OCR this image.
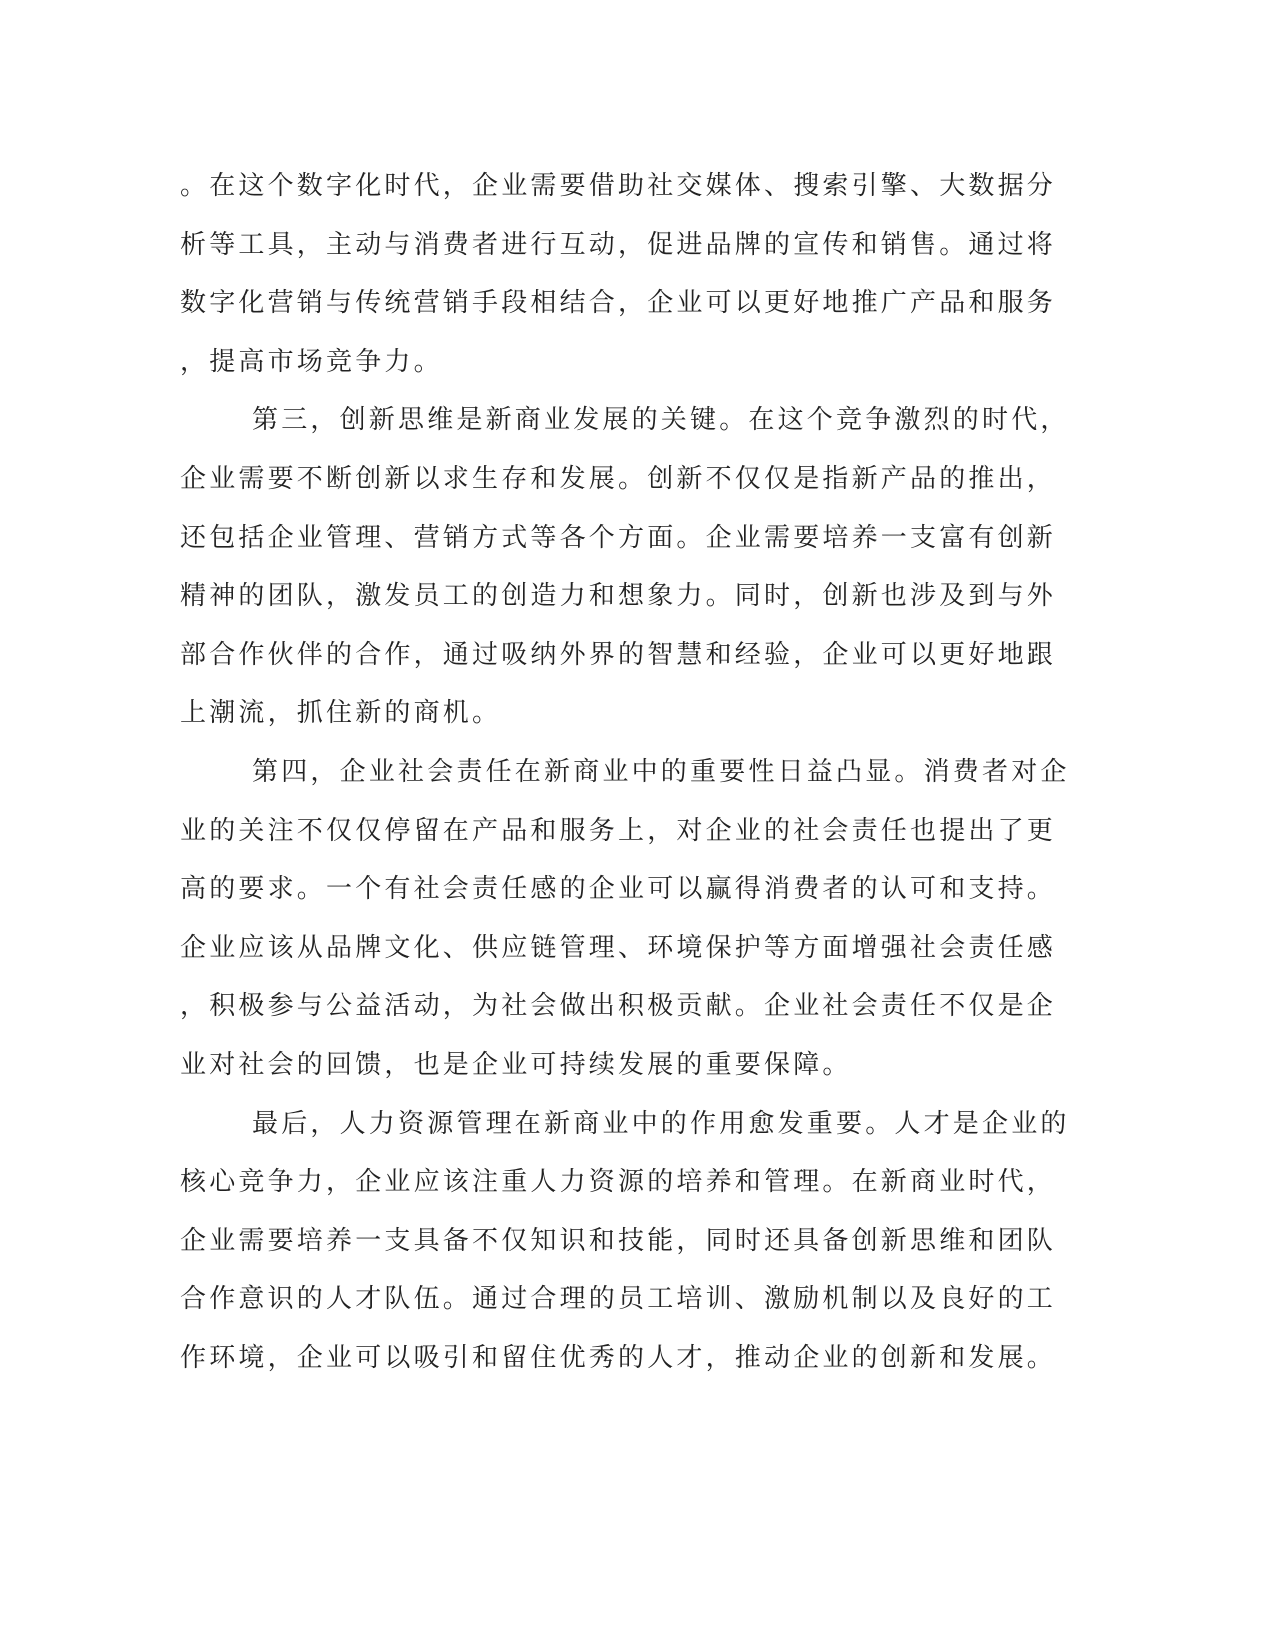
。在这个数字化时代，企业需要借助社交媒体、搜索引擎、大数据分
析等工具，主动与消费者进行互动，促进品牌的宣传和销售。通过将
数字化营销与传统营销手段相结合，企业可以更好地推广产品和服务
，提高市场竞争力。
第三，创新思维是新商业发展的关键。在这个竞争激烈的时代，
企业需要不断创新以求生存和发展。创新不仅仅是指新产品的推出，
还包括企业管理、营销方式等各个方面。企业需要培养一支富有创新
精神的团队，激发员工的创造力和想象力。同时，创新也涉及到与外
部合作伙伴的合作，通过吸纳外界的智慧和经验，企业可以更好地跟
上潮流，抓住新的商机。
第四，企业社会责任在新商业中的重要性日益凸显。消费者对企
业的关注不仅仅停留在产品和服务上，对企业的社会责任也提出了更
高的要求。一个有社会责任感的企业可以赢得消费者的认可和支持。
企业应该从品牌文化、供应链管理、环境保护等方面增强社会责任感
，积极参与公益活动，为社会做出积极贡献。企业社会责任不仅是企
业对社会的回馈，也是企业可持续发展的重要保障。
最后，人力资源管理在新商业中的作用愈发重要。人才是企业的
核心竞争力，企业应该注重人力资源的培养和管理。在新商业时代，
企业需要培养一支具备不仅知识和技能，同时还具备创新思维和团队
合作意识的人才队伍。通过合理的员工培训、激励机制以及良好的工
作环境，企业可以吸引和留住优秀的人才，推动企业的创新和发展。
